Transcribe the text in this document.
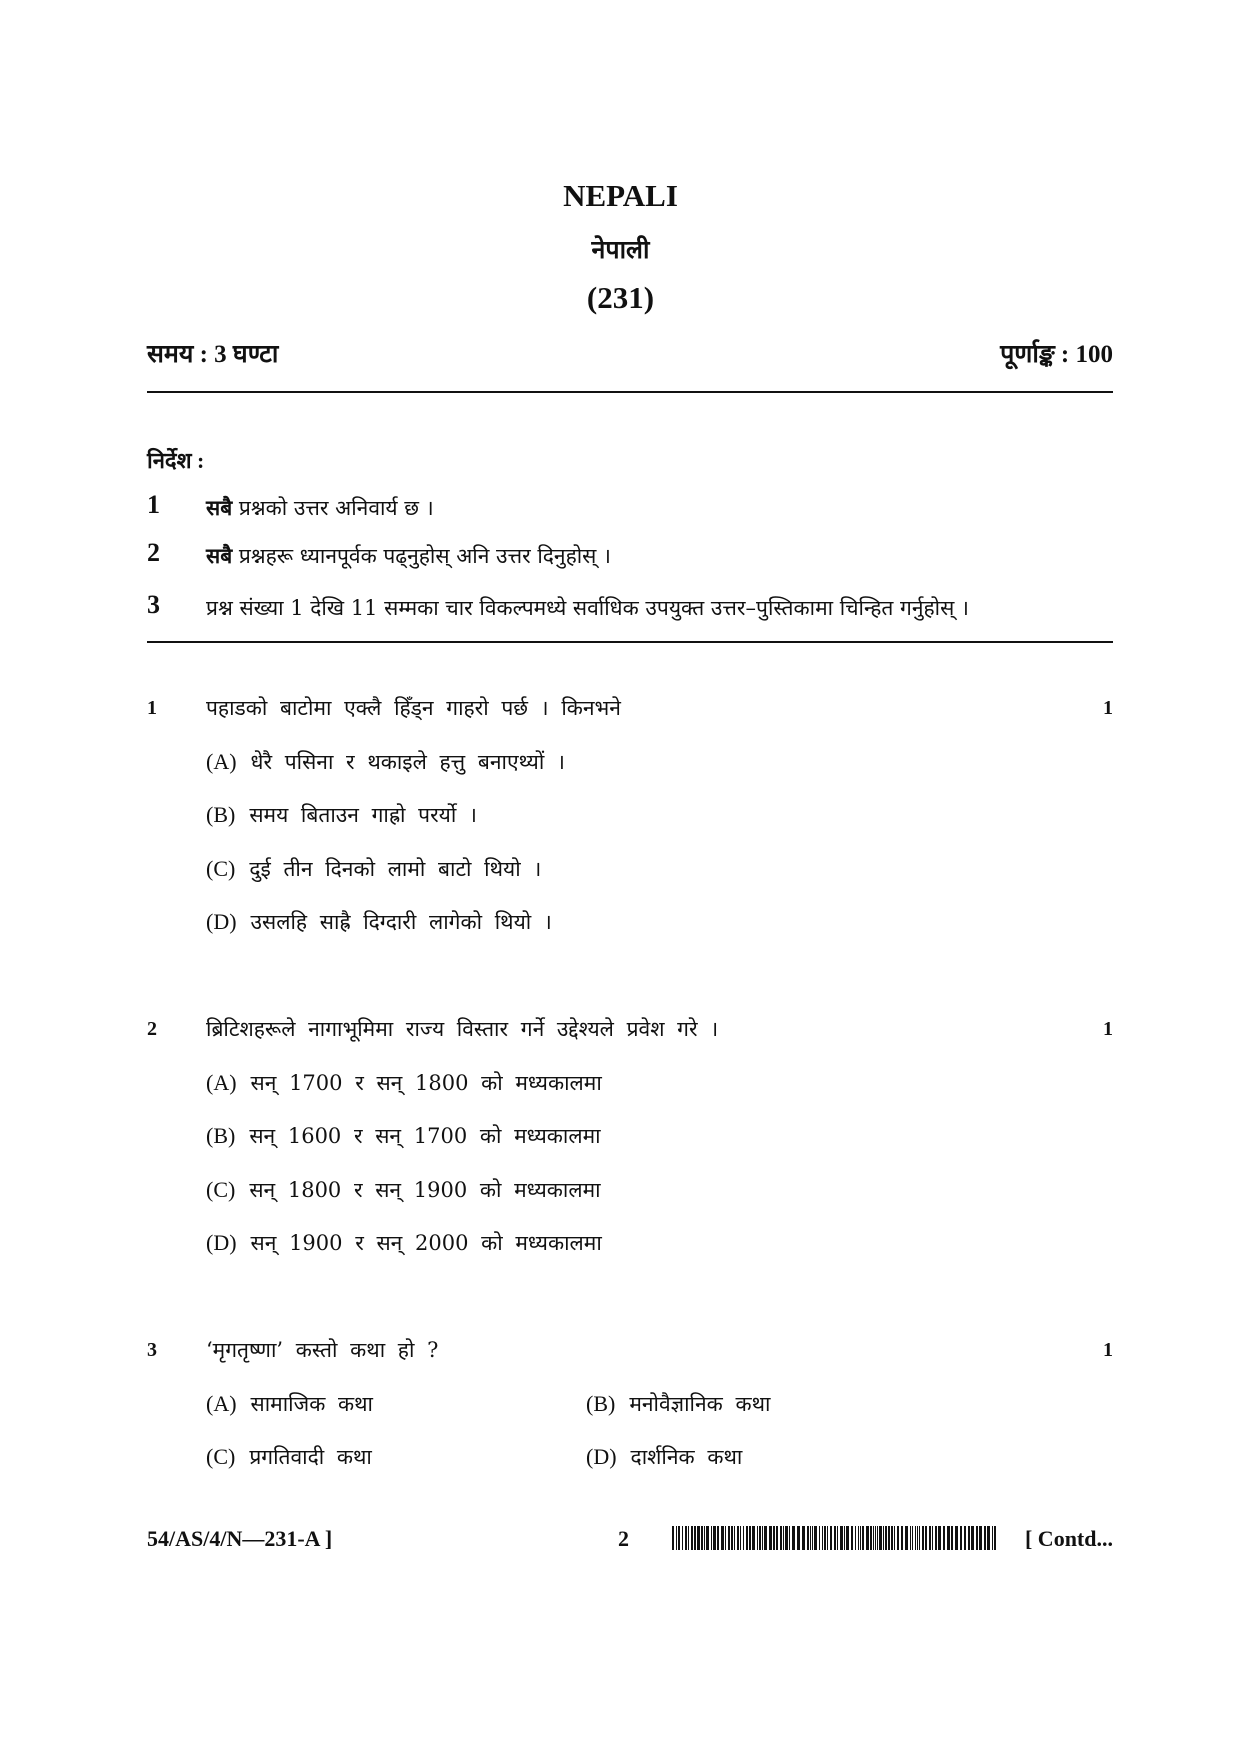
NEPALI
नेपाली
(231)
समय : 3 घण्टा	पूर्णाङ्क : 100
निर्देश :
1 सबै प्रश्नको उत्तर अनिवार्य छ ।
2 सबै प्रश्नहरू ध्यानपूर्वक पढ्नुहोस् अनि उत्तर दिनुहोस् ।
3 प्रश्न संख्या 1 देखि 11 सम्मका चार विकल्पमध्ये सर्वाधिक उपयुक्त उत्तर–पुस्तिकामा चिन्हित गर्नुहोस् ।
1 पहाडको बाटोमा एक्लै हिँड्न गाहरो पर्छ । किनभने	1
(A) धेरै पसिना र थकाइले हत्तु बनाएथ्यों ।
(B) समय बिताउन गाह्रो परर्यो ।
(C) दुई तीन दिनको लामो बाटो थियो ।
(D) उसलहि साह्रै दिग्दारी लागेको थियो ।
2 ब्रिटिशहरूले नागाभूमिमा राज्य विस्तार गर्ने उद्देश्यले प्रवेश गरे ।	1
(A) सन् 1700 र सन् 1800 को मध्यकालमा
(B) सन् 1600 र सन् 1700 को मध्यकालमा
(C) सन् 1800 र सन् 1900 को मध्यकालमा
(D) सन् 1900 र सन् 2000 को मध्यकालमा
3 ‘मृगतृष्णा’ कस्तो कथा हो ?	1
(A) सामाजिक कथा	(B) मनोवैज्ञानिक कथा
(C) प्रगतिवादी कथा	(D) दार्शनिक कथा
54/AS/4/N—231-A ]	2	[ Contd...
